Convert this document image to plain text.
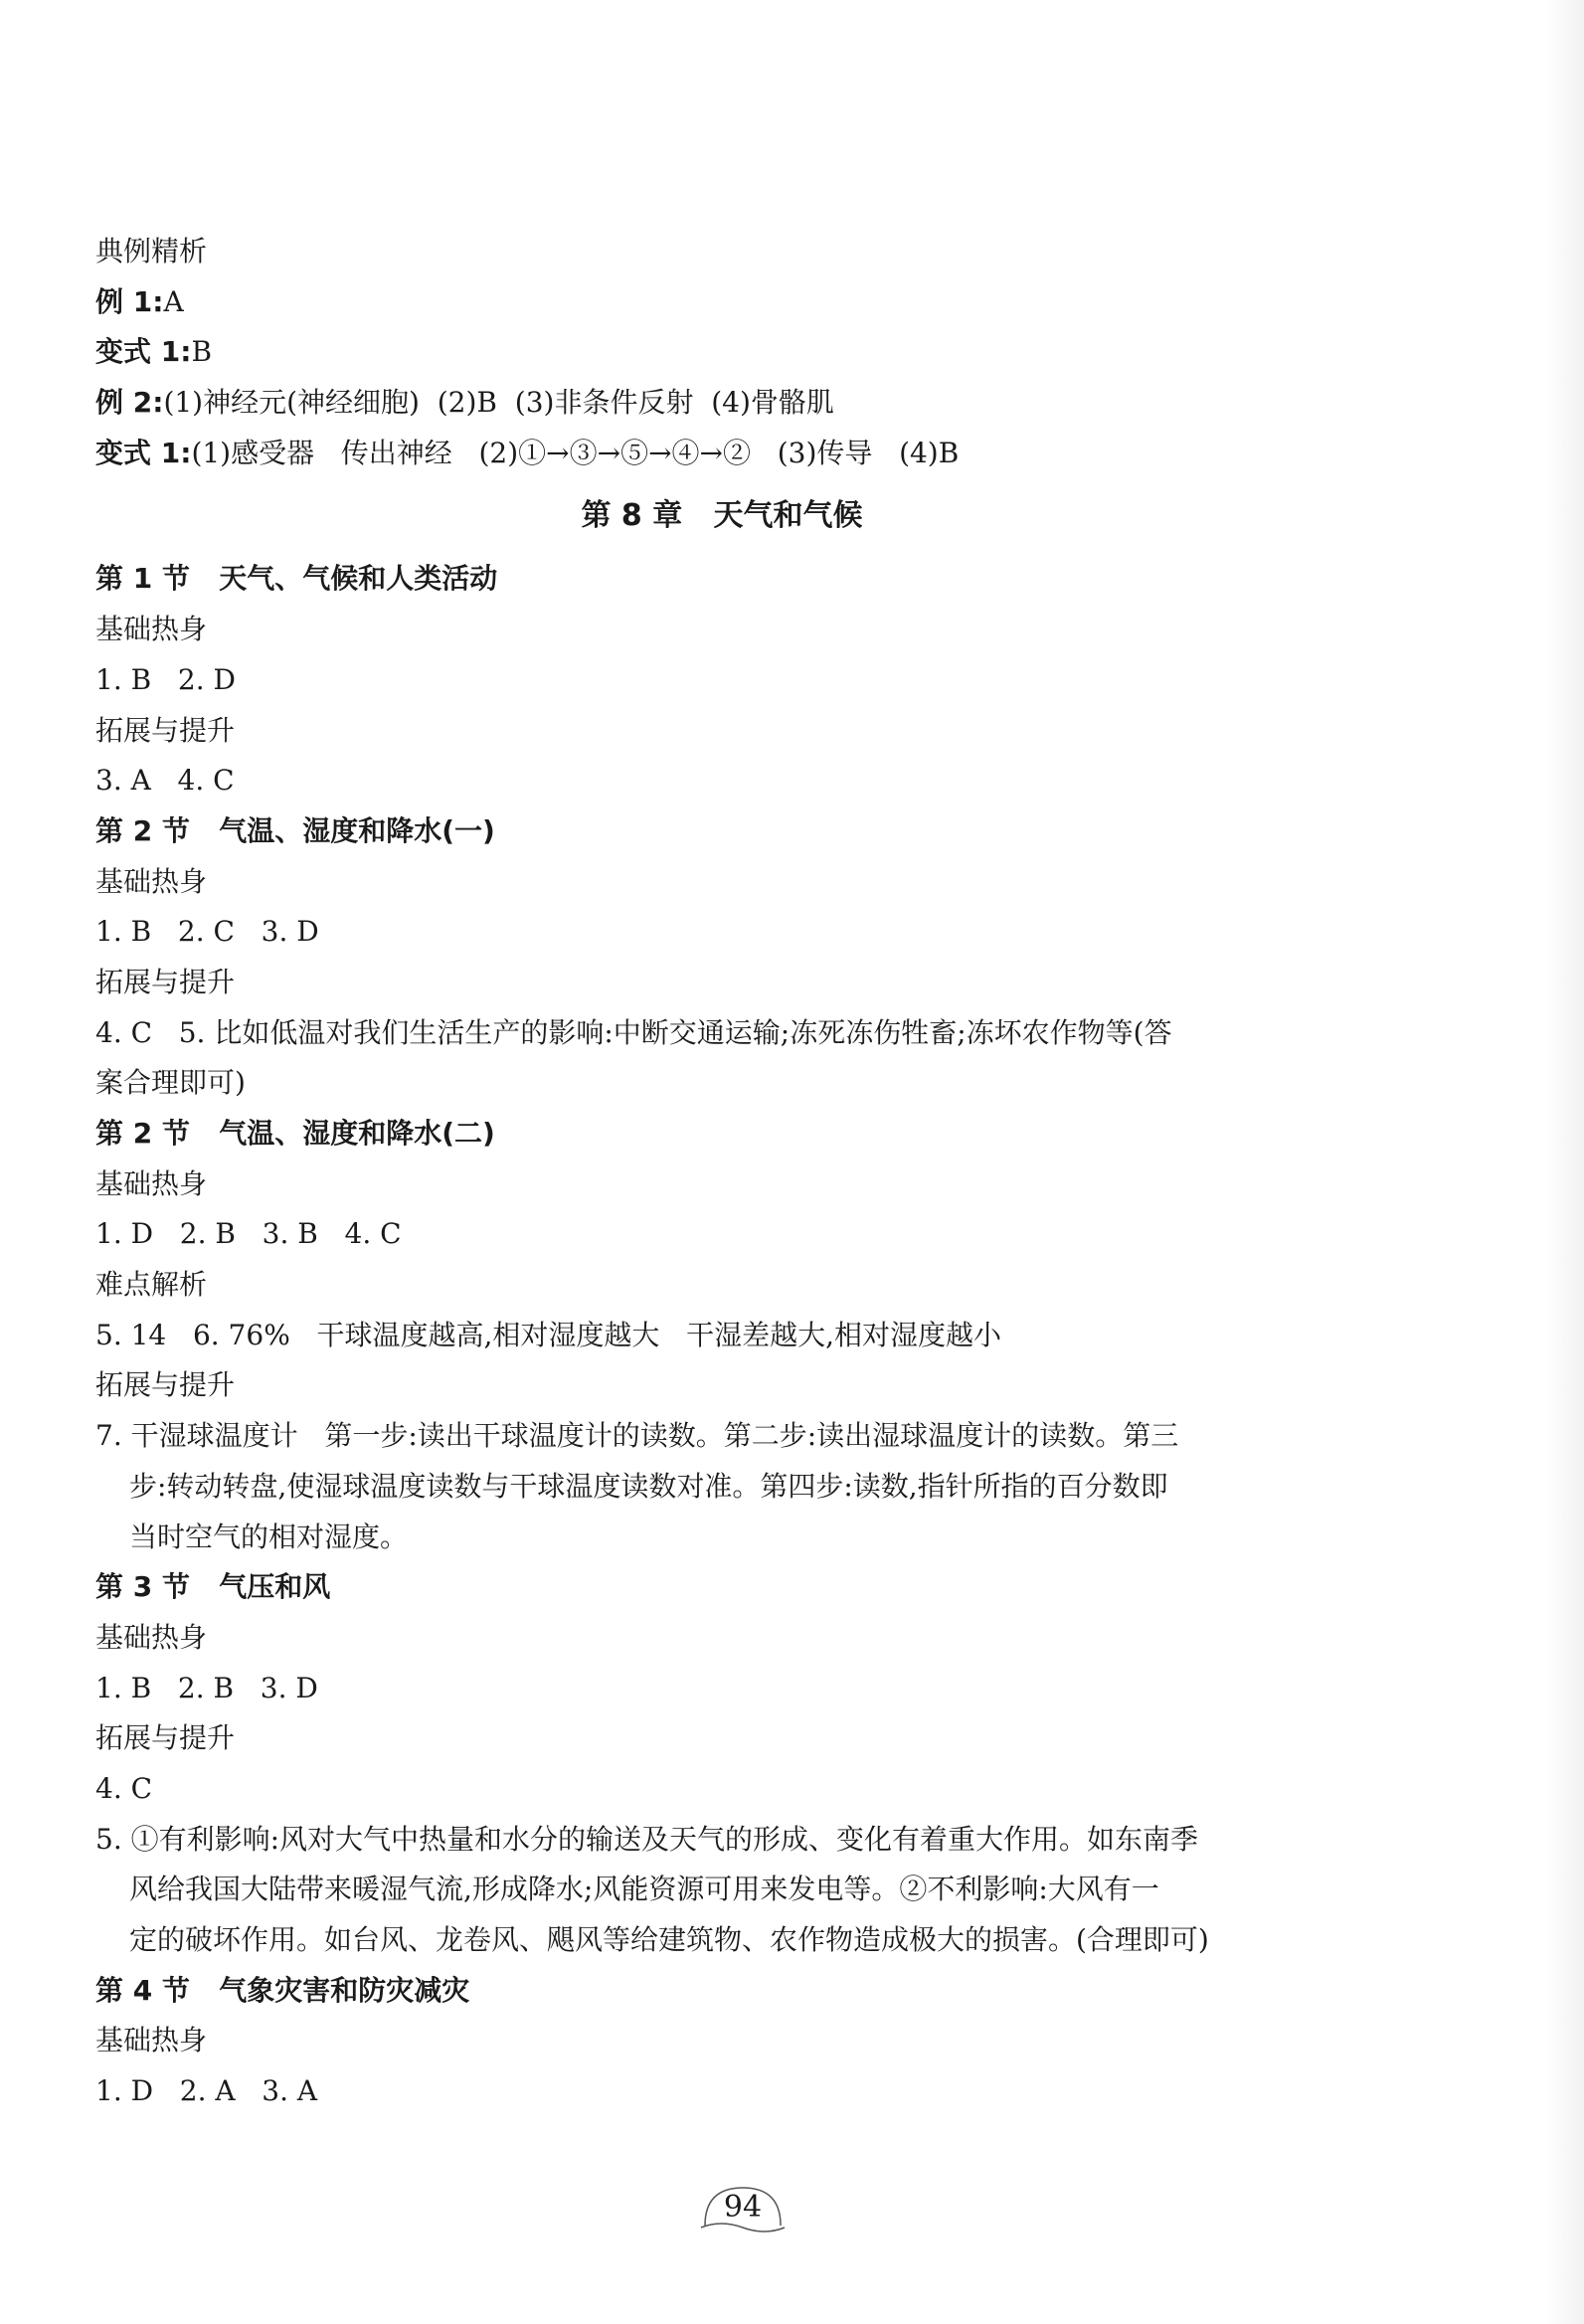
典例精析
例 1:A
变式 1:B
例 2:(1)神经元(神经细胞)  (2)B  (3)非条件反射  (4)骨骼肌
变式 1:(1)感受器   传出神经   (2)①→③→⑤→④→②   (3)传导   (4)B
第 8 章   天气和气候
第 1 节   天气、气候和人类活动
基础热身
1. B   2. D
拓展与提升
3. A   4. C
第 2 节   气温、湿度和降水(一)
基础热身
1. B   2. C   3. D
拓展与提升
4. C   5. 比如低温对我们生活生产的影响:中断交通运输;冻死冻伤牲畜;冻坏农作物等(答
案合理即可)
第 2 节   气温、湿度和降水(二)
基础热身
1. D   2. B   3. B   4. C
难点解析
5. 14   6. 76%   干球温度越高,相对湿度越大   干湿差越大,相对湿度越小
拓展与提升
7. 干湿球温度计   第一步:读出干球温度计的读数。第二步:读出湿球温度计的读数。第三
步:转动转盘,使湿球温度读数与干球温度读数对准。第四步:读数,指针所指的百分数即
当时空气的相对湿度。
第 3 节   气压和风
基础热身
1. B   2. B   3. D
拓展与提升
4. C
5. ①有利影响:风对大气中热量和水分的输送及天气的形成、变化有着重大作用。如东南季
风给我国大陆带来暖湿气流,形成降水;风能资源可用来发电等。②不利影响:大风有一
定的破坏作用。如台风、龙卷风、飓风等给建筑物、农作物造成极大的损害。(合理即可)
第 4 节   气象灾害和防灾减灾
基础热身
1. D   2. A   3. A
94
